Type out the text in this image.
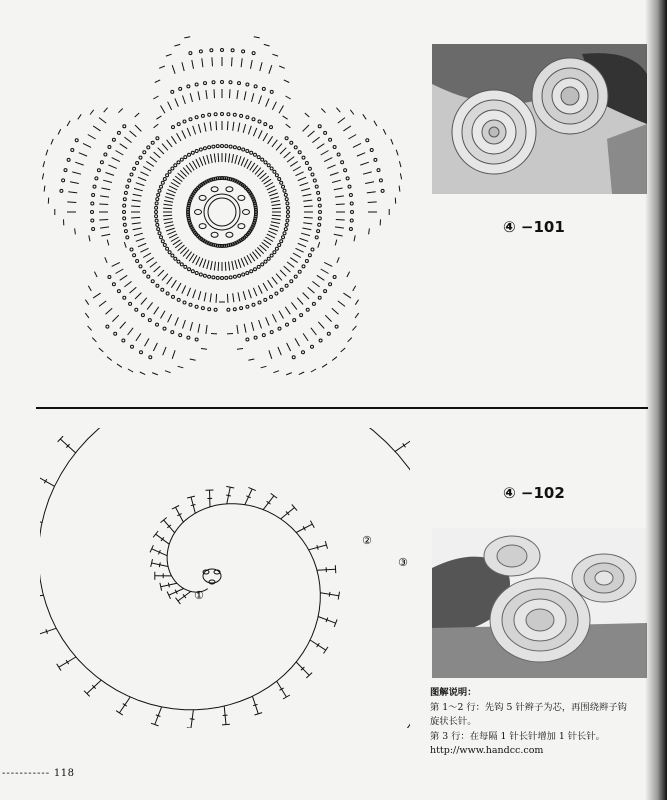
④ −101
①
②
③
④ −102
图解说明：
第 1～2 行：先钩 5 针辫子为芯，再围绕辫子钩
旋状长针。
第 3 行：在每隔 1 针长针增加 1 针长针。
http://www.handcc.com
----------- 118
